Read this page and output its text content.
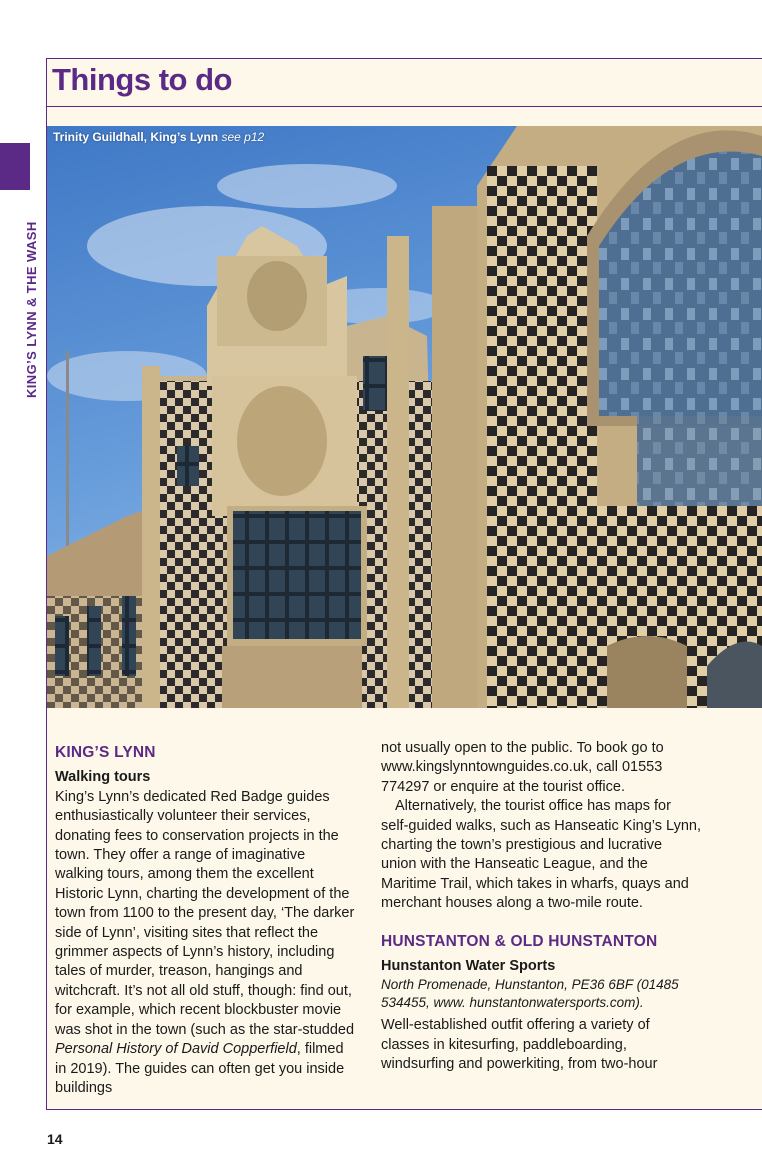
KING’S LYNN & THE WASH
Things to do
Trinity Guildhall, King’s Lynn see p12

KING’S LYNN

Walking tours

King’s Lynn’s dedicated Red Badge guides enthusiastically volunteer their services, donating fees to conservation projects in the town. They offer a range of imaginative walking tours, among them the excellent Historic Lynn, charting the development of the town from 1100 to the present day, ‘The darker side of Lynn’, visiting sites that reflect the grimmer aspects of Lynn’s history, including tales of murder, treason, hangings and witchcraft. It’s not all old stuff, though: find out, for example, which recent blockbuster movie was shot in the town (such as the star-studded Personal History of David Copperfield, filmed in 2019). The guides can often get you inside buildings

not usually open to the public. To book go to www.kingslynntownguides.co.uk, call 01553 774297 or enquire at the tourist office.

Alternatively, the tourist office has maps for self-guided walks, such as Hanseatic King’s Lynn, charting the town’s prestigious and lucrative union with the Hanseatic League, and the Maritime Trail, which takes in wharfs, quays and merchant houses along a two-mile route.

HUNSTANTON & OLD HUNSTANTON

Hunstanton Water Sports

North Promenade, Hunstanton, PE36 6BF (01485 534455, www. hunstantonwatersports.com).

Well-established outfit offering a variety of classes in kitesurfing, paddleboarding, windsurfing and powerkiting, from two-hour

14
